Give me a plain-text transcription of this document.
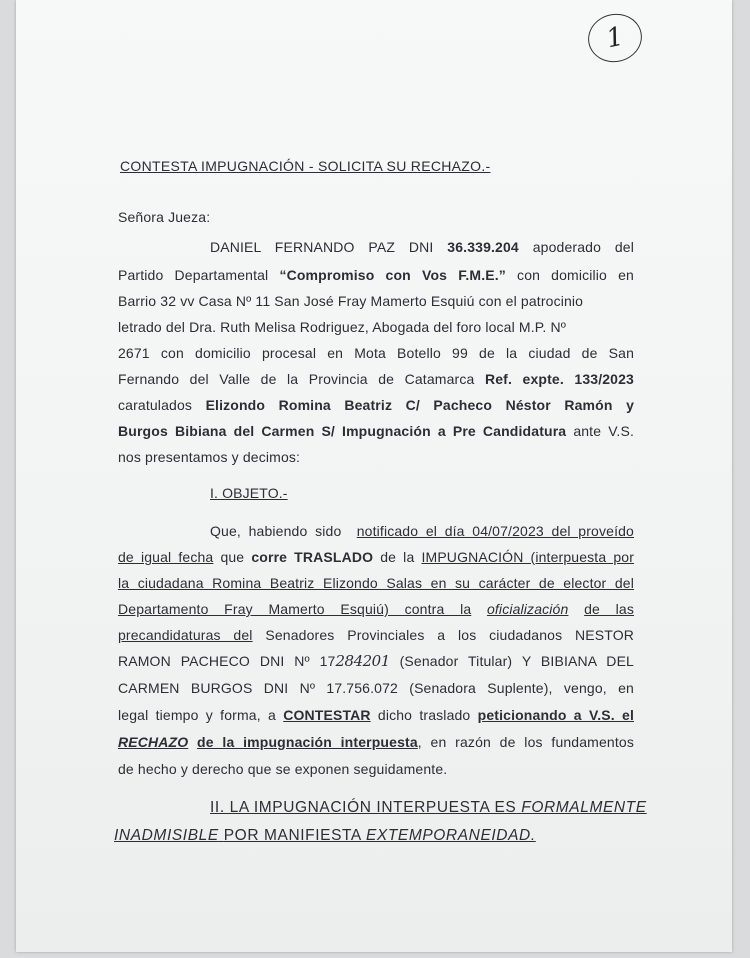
1
CONTESTA IMPUGNACIÓN - SOLICITA SU RECHAZO.-
Señora Jueza:
DANIEL FERNANDO PAZ DNI 36.339.204 apoderado del
Partido Departamental “Compromiso con Vos F.M.E.” con domicilio en
Barrio 32 vv Casa Nº 11 San José Fray Mamerto Esquiú con el patrocinio
letrado del Dra. Ruth Melisa Rodriguez, Abogada del foro local M.P. Nº
2671 con domicilio procesal en Mota Botello 99 de la ciudad de San
Fernando del Valle de la Provincia de Catamarca Ref. expte. 133/2023
caratulados Elizondo Romina Beatriz C/ Pacheco Néstor Ramón y
Burgos Bibiana del Carmen S/ Impugnación a Pre Candidatura ante V.S.
nos presentamos y decimos:
I. OBJETO.-
Que, habiendo sido notificado el día 04/07/2023 del proveído
de igual fecha que corre TRASLADO de la IMPUGNACIÓN (interpuesta por
la ciudadana Romina Beatriz Elizondo Salas en su carácter de elector del
Departamento Fray Mamerto Esquiú) contra la oficialización de las
precandidaturas del Senadores Provinciales a los ciudadanos NESTOR
RAMON PACHECO DNI Nº 17284201 (Senador Titular) Y BIBIANA DEL
CARMEN BURGOS DNI Nº 17.756.072 (Senadora Suplente), vengo, en
legal tiempo y forma, a CONTESTAR dicho traslado peticionando a V.S. el
RECHAZO de la impugnación interpuesta, en razón de los fundamentos
de hecho y derecho que se exponen seguidamente.
II. LA IMPUGNACIÓN INTERPUESTA ES FORMALMENTE
INADMISIBLE POR MANIFIESTA EXTEMPORANEIDAD.
